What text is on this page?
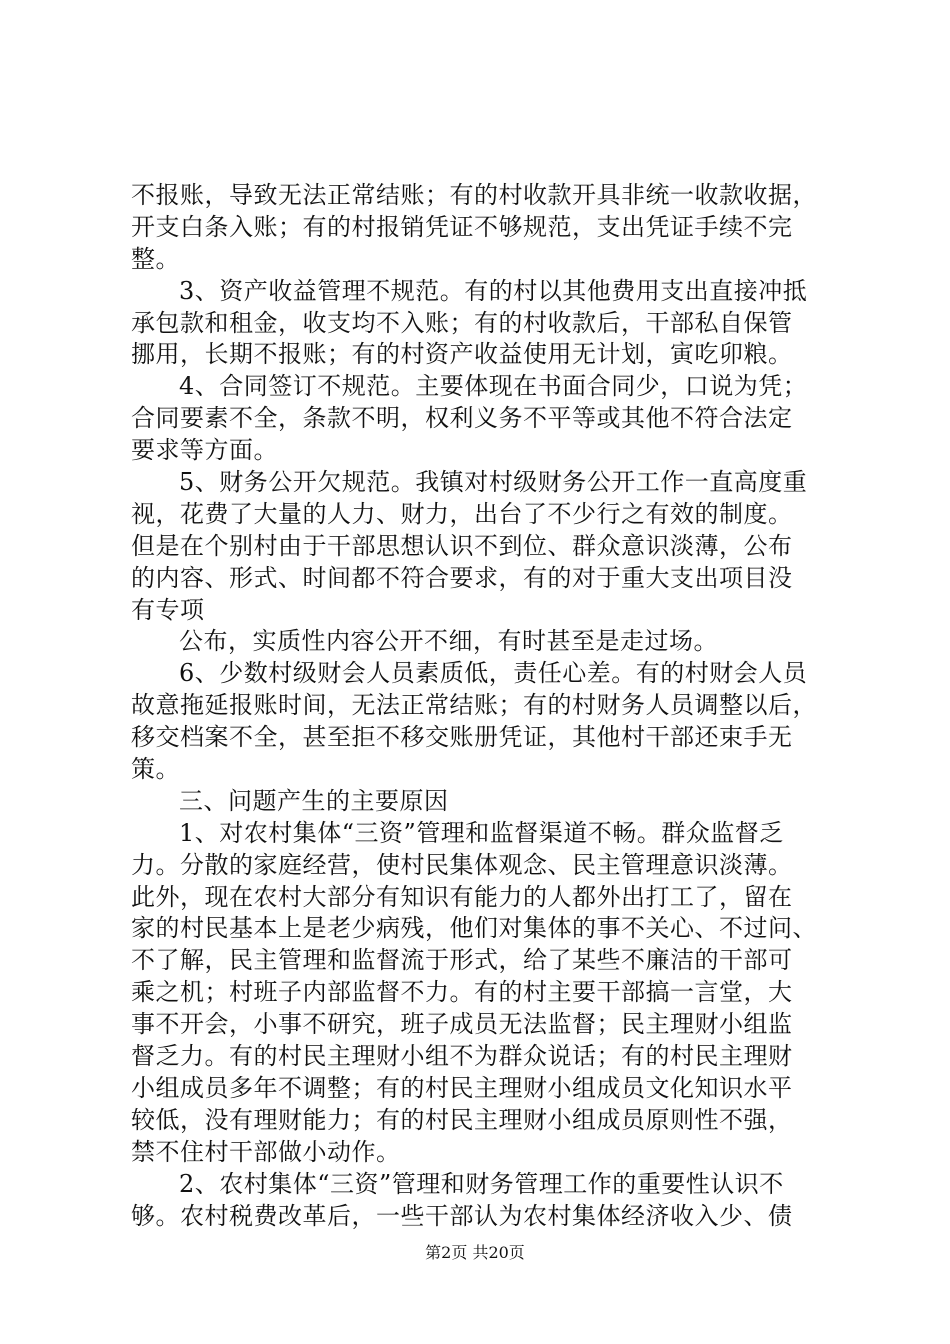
不报账，导致无法正常结账；有的村收款开具非统一收款收据，
开支白条入账；有的村报销凭证不够规范，支出凭证手续不完
整。
3、资产收益管理不规范。有的村以其他费用支出直接冲抵
承包款和租金，收支均不入账；有的村收款后，干部私自保管
挪用，长期不报账；有的村资产收益使用无计划，寅吃卯粮。
4、合同签订不规范。主要体现在书面合同少，口说为凭；
合同要素不全，条款不明，权利义务不平等或其他不符合法定
要求等方面。
5、财务公开欠规范。我镇对村级财务公开工作一直高度重
视，花费了大量的人力、财力，出台了不少行之有效的制度。
但是在个别村由于干部思想认识不到位、群众意识淡薄，公布
的内容、形式、时间都不符合要求，有的对于重大支出项目没
有专项
公布，实质性内容公开不细，有时甚至是走过场。
6、少数村级财会人员素质低，责任心差。有的村财会人员
故意拖延报账时间，无法正常结账；有的村财务人员调整以后，
移交档案不全，甚至拒不移交账册凭证，其他村干部还束手无
策。
三、问题产生的主要原因
1、对农村集体“三资”管理和监督渠道不畅。群众监督乏
力。分散的家庭经营，使村民集体观念、民主管理意识淡薄。
此外，现在农村大部分有知识有能力的人都外出打工了，留在
家的村民基本上是老少病残，他们对集体的事不关心、不过问、
不了解，民主管理和监督流于形式，给了某些不廉洁的干部可
乘之机；村班子内部监督不力。有的村主要干部搞一言堂，大
事不开会，小事不研究，班子成员无法监督；民主理财小组监
督乏力。有的村民主理财小组不为群众说话；有的村民主理财
小组成员多年不调整；有的村民主理财小组成员文化知识水平
较低，没有理财能力；有的村民主理财小组成员原则性不强，
禁不住村干部做小动作。
2、农村集体“三资”管理和财务管理工作的重要性认识不
够。农村税费改革后，一些干部认为农村集体经济收入少、债
第2页 共20页
